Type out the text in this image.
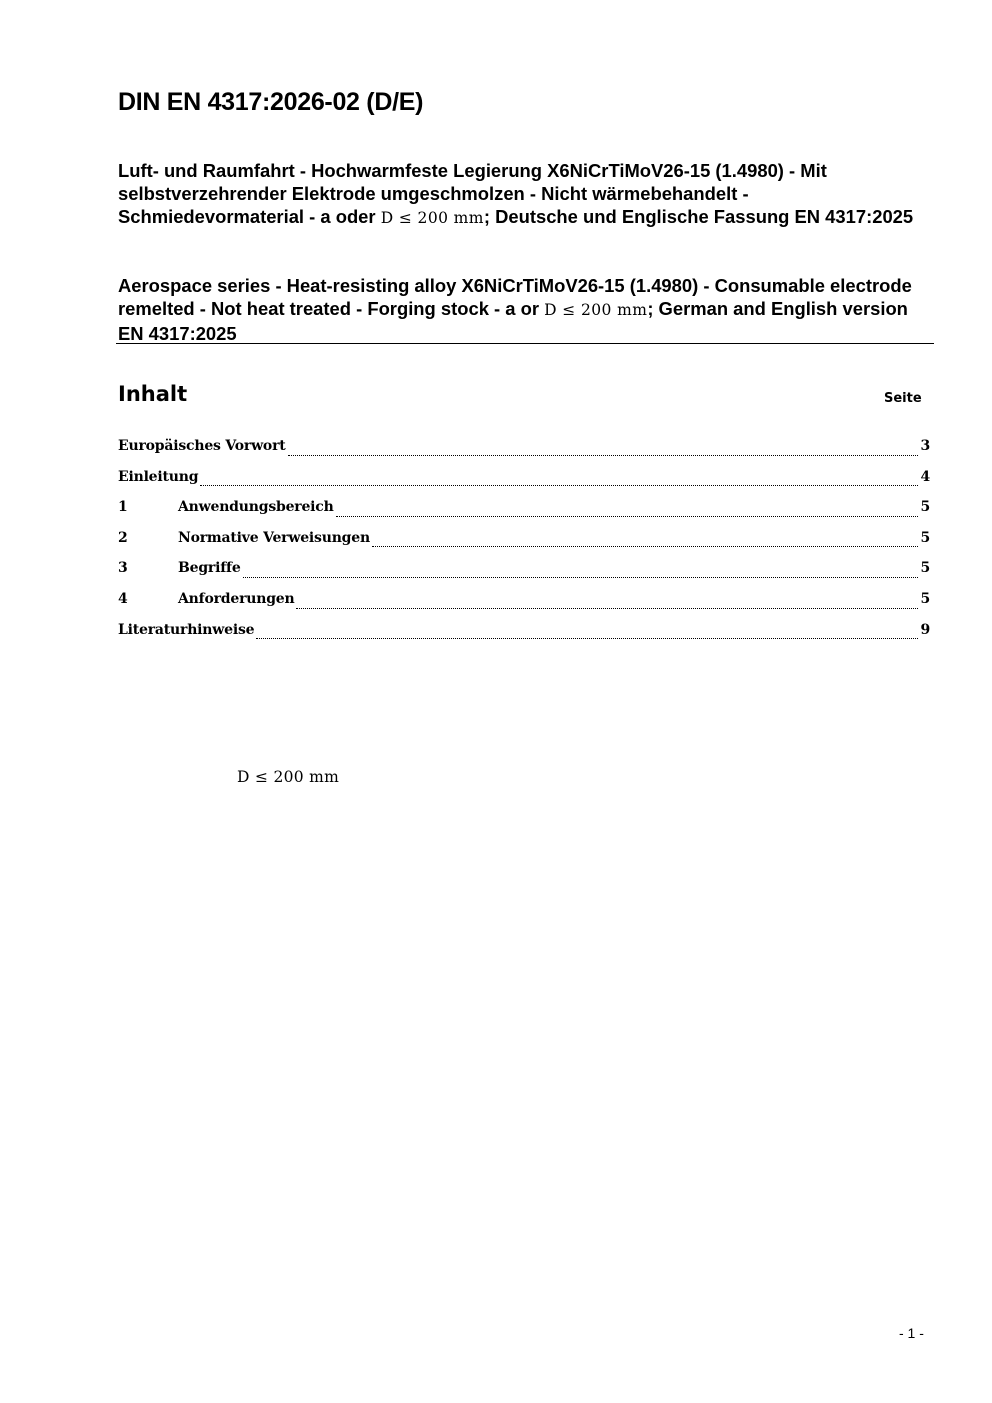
DIN EN 4317:2026-02 (D/E)

Luft- und Raumfahrt - Hochwarmfeste Legierung X6NiCrTiMoV26-15 (1.4980) - Mit selbstverzehrender Elektrode umgeschmolzen - Nicht wärmebehandelt - Schmiedevormaterial - a oder D ≤ 200 mm; Deutsche und Englische Fassung EN 4317:2025

Aerospace series - Heat-resisting alloy X6NiCrTiMoV26-15 (1.4980) - Consumable electrode remelted - Not heat treated - Forging stock - a or D ≤ 200 mm; German and English version EN 4317:2025

Inhalt	Seite
Europäisches Vorwort	3
Einleitung	4
1	Anwendungsbereich	5
2	Normative Verweisungen	5
3	Begriffe	5
4	Anforderungen	5
Literaturhinweise	9
D ≤ 200 mm
- 1 -
